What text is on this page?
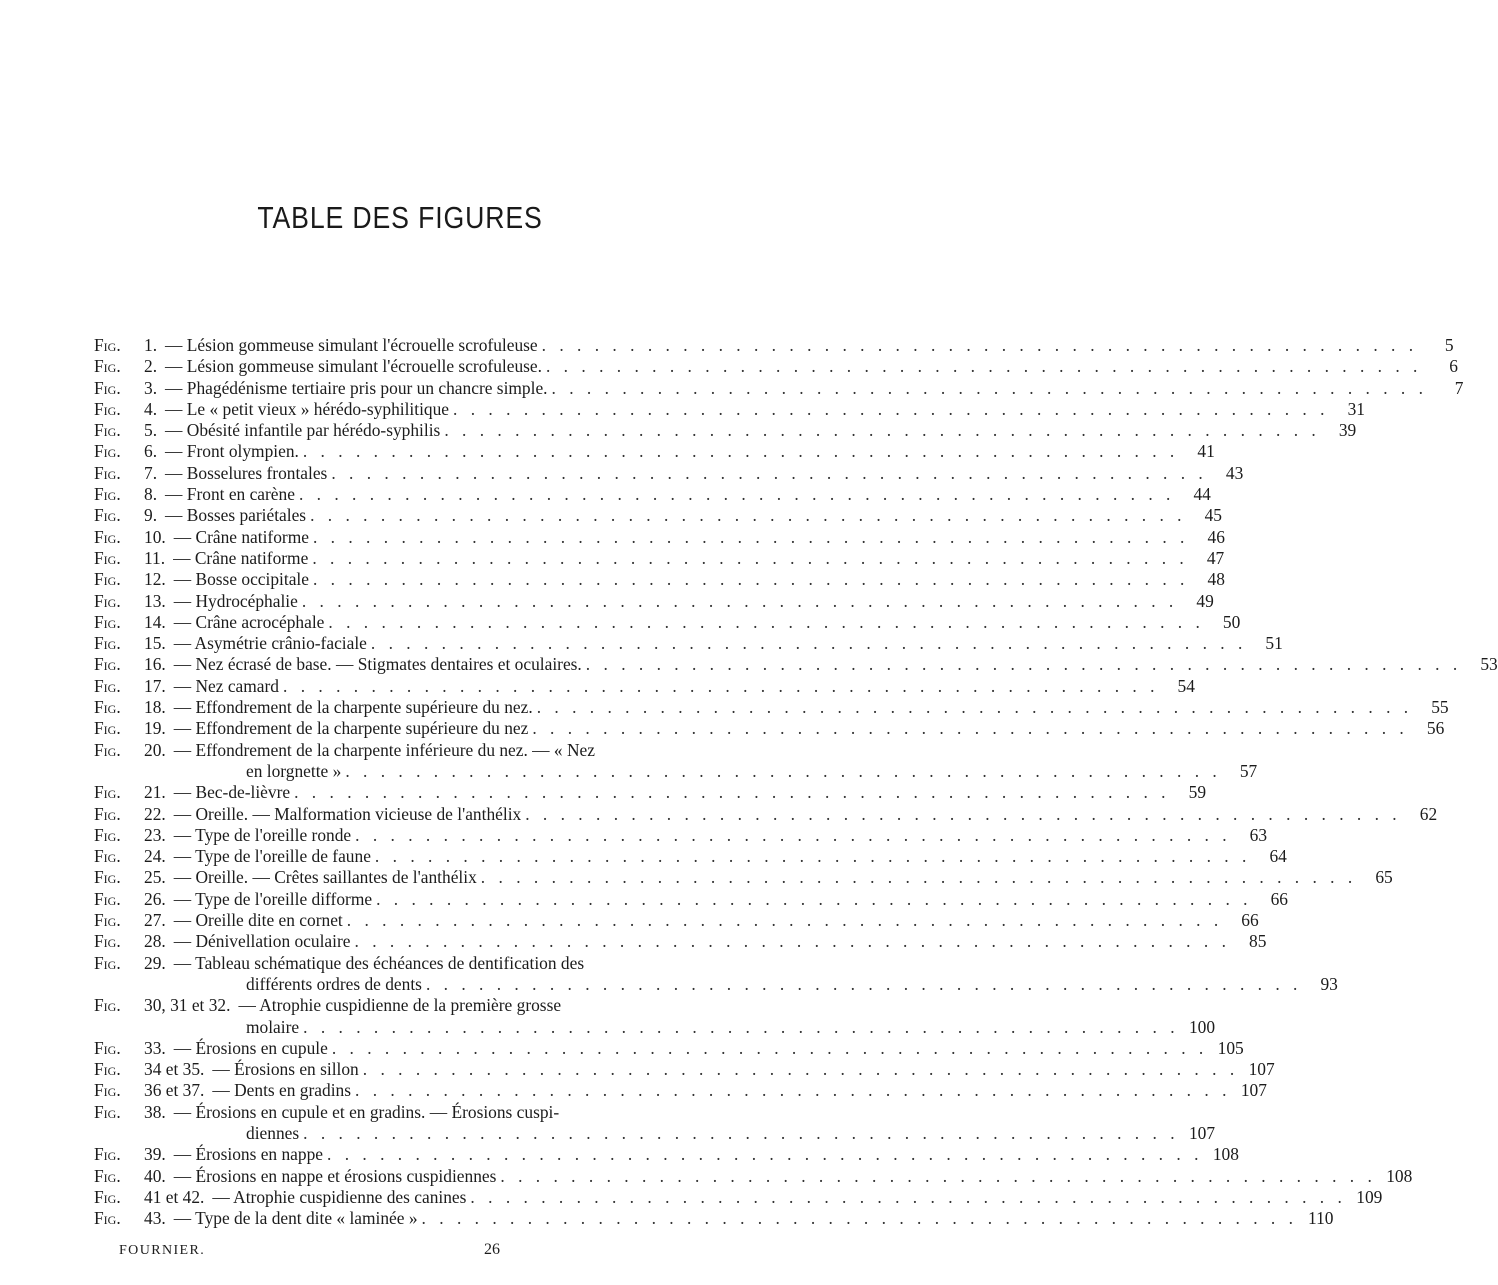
TABLE DES FIGURES
Fig.	1. — Lésion gommeuse simulant l'écrouelle scrofuleuse . . . . . . . . . . . . . . . . . . . . . . . . . . . . . . . . . . . . . . . . . . . . . . . . . .	5
Fig.	2. — Lésion gommeuse simulant l'écrouelle scrofuleuse. . . . . . . . . . . . . . . . . . . . . . . . . . . . . . . . . . . . . . . . . . . . . . . . . . .	6
Fig.	3. — Phagédénisme tertiaire pris pour un chancre simple. . . . . . . . . . . . . . . . . . . . . . . . . . . . . . . . . . . . . . . . . . . . . . . . . . .	7
Fig.	4. — Le « petit vieux » hérédo-syphilitique . . . . . . . . . . . . . . . . . . . . . . . . . . . . . . . . . . . . . . . . . . . . . . . . . .	31
Fig.	5. — Obésité infantile par hérédo-syphilis . . . . . . . . . . . . . . . . . . . . . . . . . . . . . . . . . . . . . . . . . . . . . . . . . .	39
Fig.	6. — Front olympien. . . . . . . . . . . . . . . . . . . . . . . . . . . . . . . . . . . . . . . . . . . . . . . . . . .	41
Fig.	7. — Bosselures frontales . . . . . . . . . . . . . . . . . . . . . . . . . . . . . . . . . . . . . . . . . . . . . . . . . .	43
Fig.	8. — Front en carène . . . . . . . . . . . . . . . . . . . . . . . . . . . . . . . . . . . . . . . . . . . . . . . . . .	44
Fig.	9. — Bosses pariétales . . . . . . . . . . . . . . . . . . . . . . . . . . . . . . . . . . . . . . . . . . . . . . . . . .	45
Fig.	10. — Crâne natiforme . . . . . . . . . . . . . . . . . . . . . . . . . . . . . . . . . . . . . . . . . . . . . . . . . .	46
Fig.	11. — Crâne natiforme . . . . . . . . . . . . . . . . . . . . . . . . . . . . . . . . . . . . . . . . . . . . . . . . . .	47
Fig.	12. — Bosse occipitale . . . . . . . . . . . . . . . . . . . . . . . . . . . . . . . . . . . . . . . . . . . . . . . . . .	48
Fig.	13. — Hydrocéphalie . . . . . . . . . . . . . . . . . . . . . . . . . . . . . . . . . . . . . . . . . . . . . . . . . .	49
Fig.	14. — Crâne acrocéphale . . . . . . . . . . . . . . . . . . . . . . . . . . . . . . . . . . . . . . . . . . . . . . . . . .	50
Fig.	15. — Asymétrie crânio-faciale . . . . . . . . . . . . . . . . . . . . . . . . . . . . . . . . . . . . . . . . . . . . . . . . . .	51
Fig.	16. — Nez écrasé de base. — Stigmates dentaires et oculaires. . . . . . . . . . . . . . . . . . . . . . . . . . . . . . . . . . . . . . . . . . . . . . . . . . .	53
Fig.	17. — Nez camard . . . . . . . . . . . . . . . . . . . . . . . . . . . . . . . . . . . . . . . . . . . . . . . . . .	54
Fig.	18. — Effondrement de la charpente supérieure du nez. . . . . . . . . . . . . . . . . . . . . . . . . . . . . . . . . . . . . . . . . . . . . . . . . . .	55
Fig.	19. — Effondrement de la charpente supérieure du nez . . . . . . . . . . . . . . . . . . . . . . . . . . . . . . . . . . . . . . . . . . . . . . . . . .	56
Fig.	20. — Effondrement de la charpente inférieure du nez. — « Nez
en lorgnette » . . . . . . . . . . . . . . . . . . . . . . . . . . . . . . . . . . . . . . . . . . . . . . . . . .	57
Fig.	21. — Bec-de-lièvre . . . . . . . . . . . . . . . . . . . . . . . . . . . . . . . . . . . . . . . . . . . . . . . . . .	59
Fig.	22. — Oreille. — Malformation vicieuse de l'anthélix . . . . . . . . . . . . . . . . . . . . . . . . . . . . . . . . . . . . . . . . . . . . . . . . . .	62
Fig.	23. — Type de l'oreille ronde . . . . . . . . . . . . . . . . . . . . . . . . . . . . . . . . . . . . . . . . . . . . . . . . . .	63
Fig.	24. — Type de l'oreille de faune . . . . . . . . . . . . . . . . . . . . . . . . . . . . . . . . . . . . . . . . . . . . . . . . . .	64
Fig.	25. — Oreille. — Crêtes saillantes de l'anthélix . . . . . . . . . . . . . . . . . . . . . . . . . . . . . . . . . . . . . . . . . . . . . . . . . .	65
Fig.	26. — Type de l'oreille difforme . . . . . . . . . . . . . . . . . . . . . . . . . . . . . . . . . . . . . . . . . . . . . . . . . .	66
Fig.	27. — Oreille dite en cornet . . . . . . . . . . . . . . . . . . . . . . . . . . . . . . . . . . . . . . . . . . . . . . . . . .	66
Fig.	28. — Dénivellation oculaire . . . . . . . . . . . . . . . . . . . . . . . . . . . . . . . . . . . . . . . . . . . . . . . . . .	85
Fig.	29. — Tableau schématique des échéances de dentification des
différents ordres de dents . . . . . . . . . . . . . . . . . . . . . . . . . . . . . . . . . . . . . . . . . . . . . . . . . .	93
Fig.	30, 31 et 32. — Atrophie cuspidienne de la première grosse
molaire . . . . . . . . . . . . . . . . . . . . . . . . . . . . . . . . . . . . . . . . . . . . . . . . . . 100
Fig.	33. — Érosions en cupule . . . . . . . . . . . . . . . . . . . . . . . . . . . . . . . . . . . . . . . . . . . . . . . . . . 105
Fig.	34 et 35. — Érosions en sillon . . . . . . . . . . . . . . . . . . . . . . . . . . . . . . . . . . . . . . . . . . . . . . . . . . 107
Fig.	36 et 37. — Dents en gradins . . . . . . . . . . . . . . . . . . . . . . . . . . . . . . . . . . . . . . . . . . . . . . . . . . 107
Fig.	38. — Érosions en cupule et en gradins. — Érosions cuspi-
diennes . . . . . . . . . . . . . . . . . . . . . . . . . . . . . . . . . . . . . . . . . . . . . . . . . . 107
Fig.	39. — Érosions en nappe . . . . . . . . . . . . . . . . . . . . . . . . . . . . . . . . . . . . . . . . . . . . . . . . . . 108
Fig.	40. — Érosions en nappe et érosions cuspidiennes . . . . . . . . . . . . . . . . . . . . . . . . . . . . . . . . . . . . . . . . . . . . . . . . . . 108
Fig.	41 et 42. — Atrophie cuspidienne des canines . . . . . . . . . . . . . . . . . . . . . . . . . . . . . . . . . . . . . . . . . . . . . . . . . . 109
Fig.	43. — Type de la dent dite « laminée » . . . . . . . . . . . . . . . . . . . . . . . . . . . . . . . . . . . . . . . . . . . . . . . . . . 110
FOURNIER.	26
